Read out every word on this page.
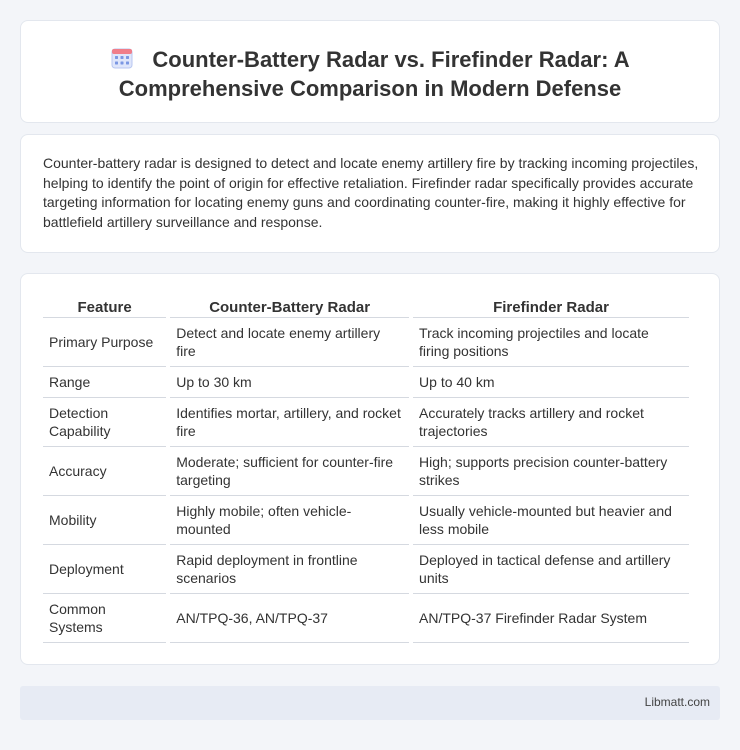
Counter-Battery Radar vs. Firefinder Radar: A Comprehensive Comparison in Modern Defense

Counter-battery radar is designed to detect and locate enemy artillery fire by tracking incoming projectiles, helping to identify the point of origin for effective retaliation. Firefinder radar specifically provides accurate targeting information for locating enemy guns and coordinating counter-fire, making it highly effective for battlefield artillery surveillance and response.

Feature	Counter-Battery Radar	Firefinder Radar
Primary Purpose	Detect and locate enemy artillery fire	Track incoming projectiles and locate firing positions
Range	Up to 30 km	Up to 40 km
Detection Capability	Identifies mortar, artillery, and rocket fire	Accurately tracks artillery and rocket trajectories
Accuracy	Moderate; sufficient for counter-fire targeting	High; supports precision counter-battery strikes
Mobility	Highly mobile; often vehicle-mounted	Usually vehicle-mounted but heavier and less mobile
Deployment	Rapid deployment in frontline scenarios	Deployed in tactical defense and artillery units
Common Systems	AN/TPQ-36, AN/TPQ-37	AN/TPQ-37 Firefinder Radar System
Libmatt.com
